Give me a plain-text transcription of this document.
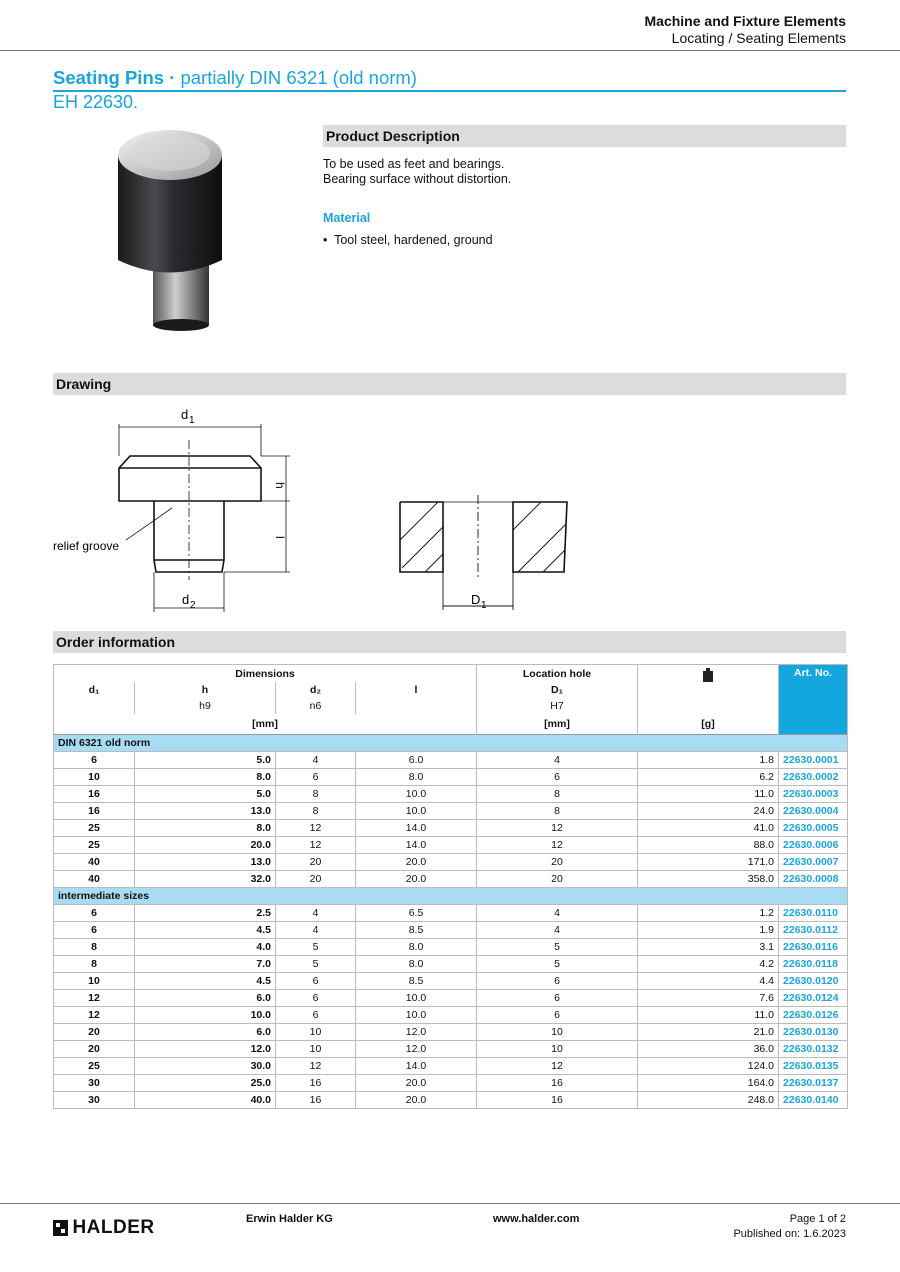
Machine and Fixture Elements
Locating / Seating Elements
Seating Pins · partially DIN 6321 (old norm)
EH 22630.
Product Description
To be used as feet and bearings.
Bearing surface without distortion.
Material
•  Tool steel, hardened, ground
Drawing
d 1
d 2
h
l
relief groove
D 1
Order information
Dimensions				Location hole		Art. No.
d₁	h	d₂	l	D₁		
	h9	n6		H7		
[mm]				[mm]	[g]	
DIN 6321 old norm						
6	5.0	4	6.0	4	1.8	22630.0001
10	8.0	6	8.0	6	6.2	22630.0002
16	5.0	8	10.0	8	11.0	22630.0003
16	13.0	8	10.0	8	24.0	22630.0004
25	8.0	12	14.0	12	41.0	22630.0005
25	20.0	12	14.0	12	88.0	22630.0006
40	13.0	20	20.0	20	171.0	22630.0007
40	32.0	20	20.0	20	358.0	22630.0008
intermediate sizes						
6	2.5	4	6.5	4	1.2	22630.0110
6	4.5	4	8.5	4	1.9	22630.0112
8	4.0	5	8.0	5	3.1	22630.0116
8	7.0	5	8.0	5	4.2	22630.0118
10	4.5	6	8.5	6	4.4	22630.0120
12	6.0	6	10.0	6	7.6	22630.0124
12	10.0	6	10.0	6	11.0	22630.0126
20	6.0	10	12.0	10	21.0	22630.0130
20	12.0	10	12.0	10	36.0	22630.0132
25	30.0	12	14.0	12	124.0	22630.0135
30	25.0	16	20.0	16	164.0	22630.0137
30	40.0	16	20.0	16	248.0	22630.0140
HALDER	Erwin Halder KG	www.halder.com	Page 1 of 2
Published on: 1.6.2023
